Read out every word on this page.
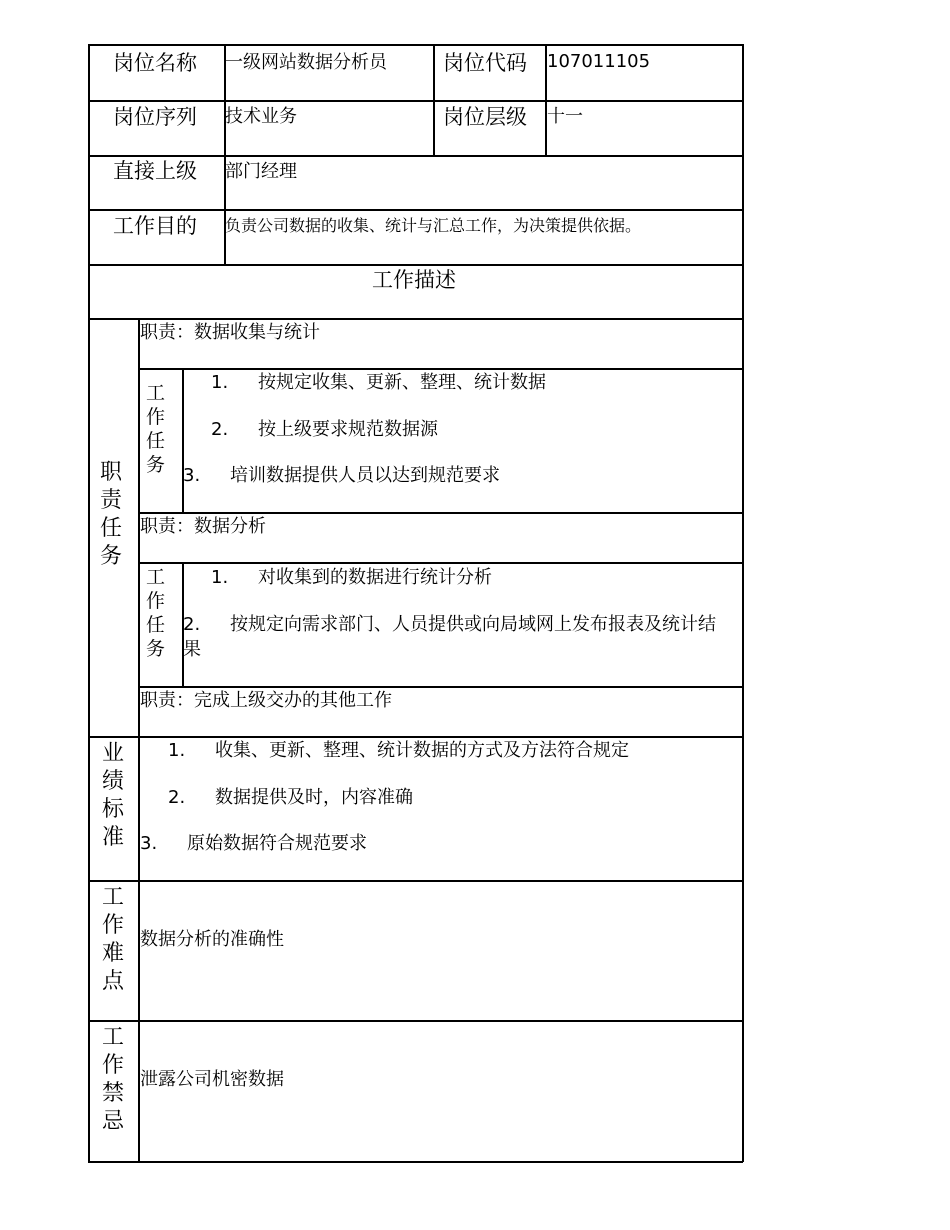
岗位名称 一级网站数据分析员	岗位代码 107011105
岗位序列 技术业务	岗位层级 十一
直接上级 部门经理
工作目的 负责公司数据的收集、统计与汇总工作，为决策提供依据。
工作描述
职
责
任
务
职责：数据收集与统计
工
作
任
务
1. 按规定收集、更新、整理、统计数据
2. 按上级要求规范数据源
3. 培训数据提供人员以达到规范要求
职责：数据分析
工
作
任
务
1. 对收集到的数据进行统计分析
2. 按规定向需求部门、人员提供或向局域网上发布报表及统计结
果
职责：完成上级交办的其他工作
业
绩
标
准
1. 收集、更新、整理、统计数据的方式及方法符合规定
2. 数据提供及时，内容准确
3. 原始数据符合规范要求
工
作
难
点
数据分析的准确性
工
作
禁
忌
泄露公司机密数据
